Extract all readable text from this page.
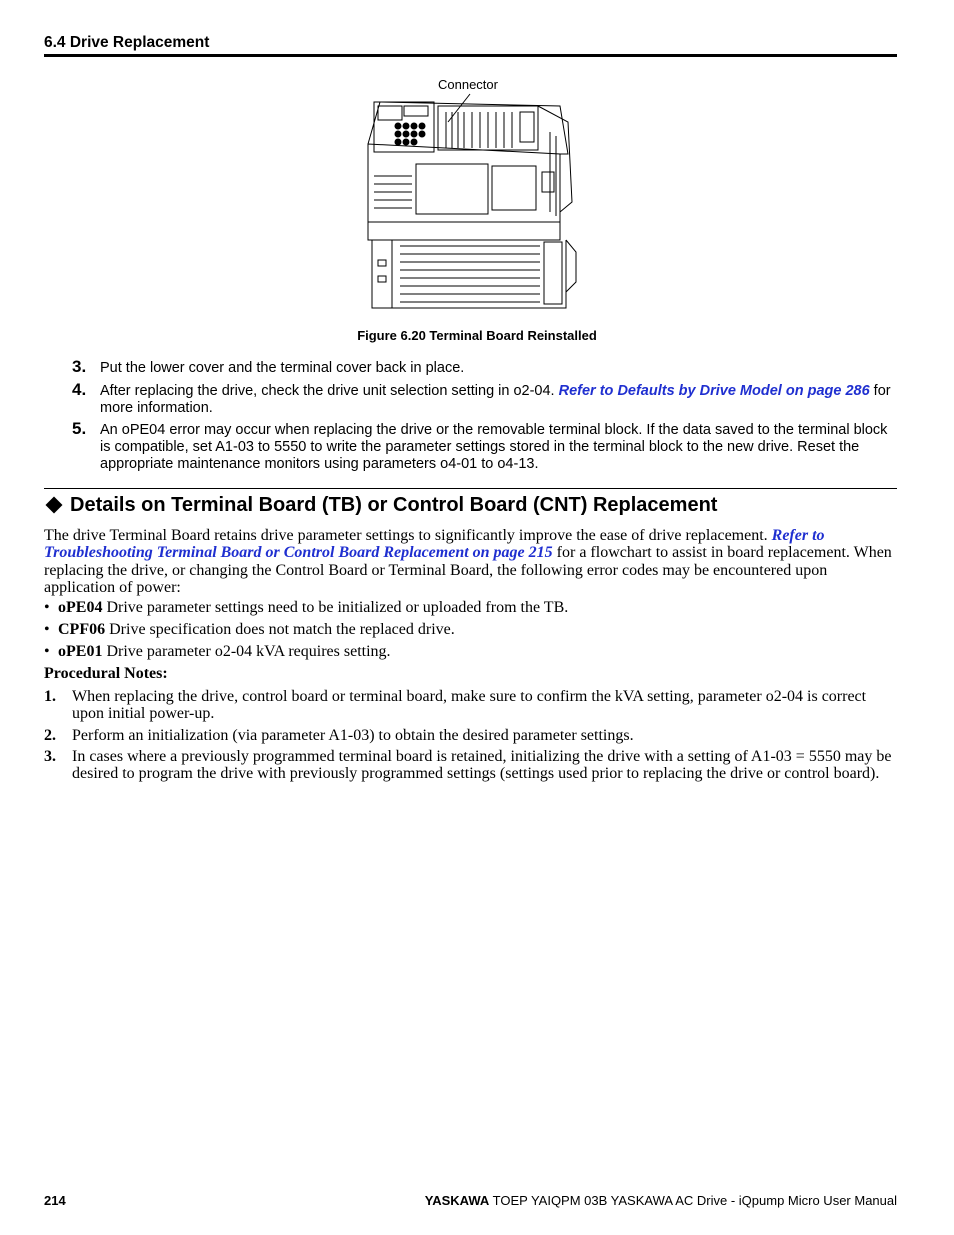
6.4 Drive Replacement
Connector
Figure 6.20 Terminal Board Reinstalled
3. Put the lower cover and the terminal cover back in place.
4. After replacing the drive, check the drive unit selection setting in o2-04. Refer to Defaults by Drive Model on page 286 for more information.
5. An oPE04 error may occur when replacing the drive or the removable terminal block. If the data saved to the terminal block is compatible, set A1-03 to 5550 to write the parameter settings stored in the terminal block to the new drive. Reset the appropriate maintenance monitors using parameters o4-01 to o4-13.
Details on Terminal Board (TB) or Control Board (CNT) Replacement
The drive Terminal Board retains drive parameter settings to significantly improve the ease of drive replacement. Refer to Troubleshooting Terminal Board or Control Board Replacement on page 215 for a flowchart to assist in board replacement. When replacing the drive, or changing the Control Board or Terminal Board, the following error codes may be encountered upon application of power:
• oPE04 Drive parameter settings need to be initialized or uploaded from the TB.
• CPF06 Drive specification does not match the replaced drive.
• oPE01 Drive parameter o2-04 kVA requires setting.
Procedural Notes:
1. When replacing the drive, control board or terminal board, make sure to confirm the kVA setting, parameter o2-04 is correct upon initial power-up.
2. Perform an initialization (via parameter A1-03) to obtain the desired parameter settings.
3. In cases where a previously programmed terminal board is retained, initializing the drive with a setting of A1-03 = 5550 may be desired to program the drive with previously programmed settings (settings used prior to replacing the drive or control board).
214	YASKAWA TOEP YAIQPM 03B YASKAWA AC Drive - iQpump Micro User Manual
